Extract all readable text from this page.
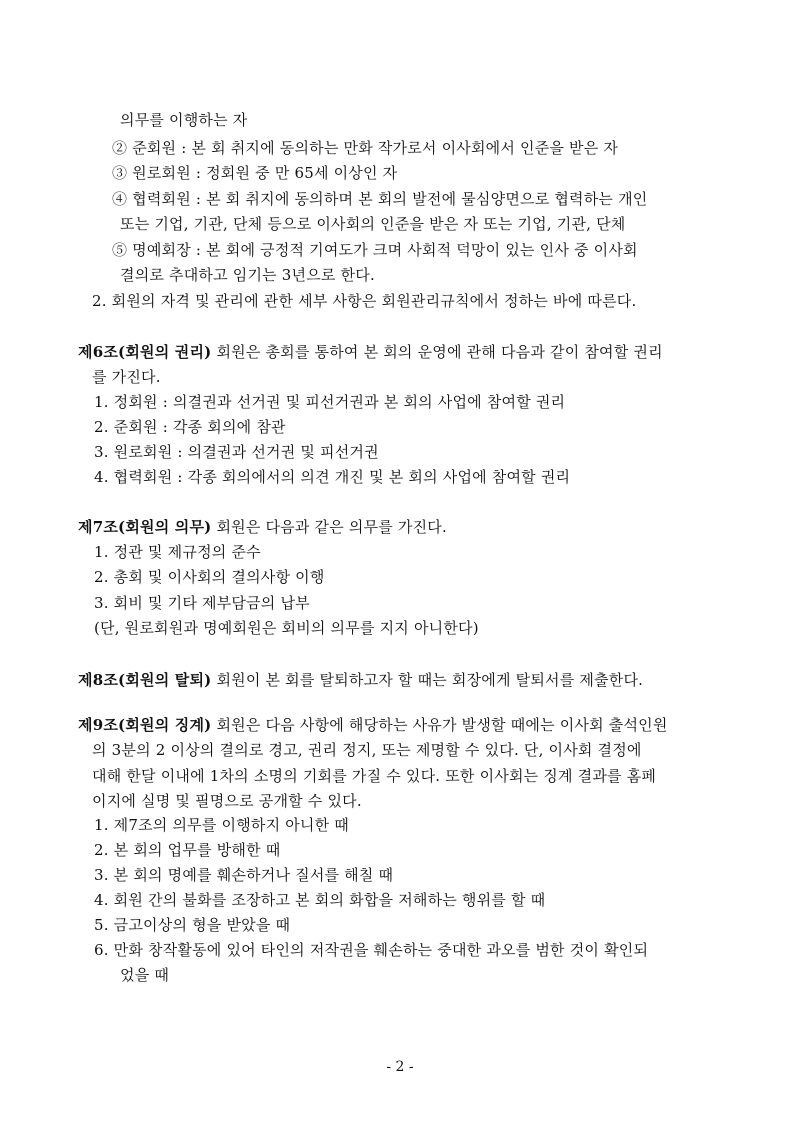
의무를 이행하는 자
② 준회원 : 본 회 취지에 동의하는 만화 작가로서 이사회에서 인준을 받은 자
③ 원로회원 : 정회원 중 만 65세 이상인 자
④ 협력회원 : 본 회 취지에 동의하며 본 회의 발전에 물심양면으로 협력하는 개인
또는 기업, 기관, 단체 등으로 이사회의 인준을 받은 자 또는 기업, 기관, 단체
⑤ 명예회장 : 본 회에 긍정적 기여도가 크며 사회적 덕망이 있는 인사 중 이사회
결의로 추대하고 임기는 3년으로 한다.
2. 회원의 자격 및 관리에 관한 세부 사항은 회원관리규칙에서 정하는 바에 따른다.
제6조(회원의 권리) 회원은 총회를 통하여 본 회의 운영에 관해 다음과 같이 참여할 권리
를 가진다.
1. 정회원 : 의결권과 선거권 및 피선거권과 본 회의 사업에 참여할 권리
2. 준회원 : 각종 회의에 참관
3. 원로회원 : 의결권과 선거권 및 피선거권
4. 협력회원 : 각종 회의에서의 의견 개진 및 본 회의 사업에 참여할 권리
제7조(회원의 의무) 회원은 다음과 같은 의무를 가진다.
1. 정관 및 제규정의 준수
2. 총회 및 이사회의 결의사항 이행
3. 회비 및 기타 제부담금의 납부
(단, 원로회원과 명예회원은 회비의 의무를 지지 아니한다)
제8조(회원의 탈퇴) 회원이 본 회를 탈퇴하고자 할 때는 회장에게 탈퇴서를 제출한다.
제9조(회원의 징계) 회원은 다음 사항에 해당하는 사유가 발생할 때에는 이사회 출석인원
의 3분의 2 이상의 결의로 경고, 권리 정지, 또는 제명할 수 있다. 단, 이사회 결정에
대해 한달 이내에 1차의 소명의 기회를 가질 수 있다. 또한 이사회는 징계 결과를 홈페
이지에 실명 및 필명으로 공개할 수 있다.
1. 제7조의 의무를 이행하지 아니한 때
2. 본 회의 업무를 방해한 때
3. 본 회의 명예를 훼손하거나 질서를 해칠 때
4. 회원 간의 불화를 조장하고 본 회의 화합을 저해하는 행위를 할 때
5. 금고이상의 형을 받았을 때
6. 만화 창작활동에 있어 타인의 저작권을 훼손하는 중대한 과오를 범한 것이 확인되
었을 때
- 2 -
